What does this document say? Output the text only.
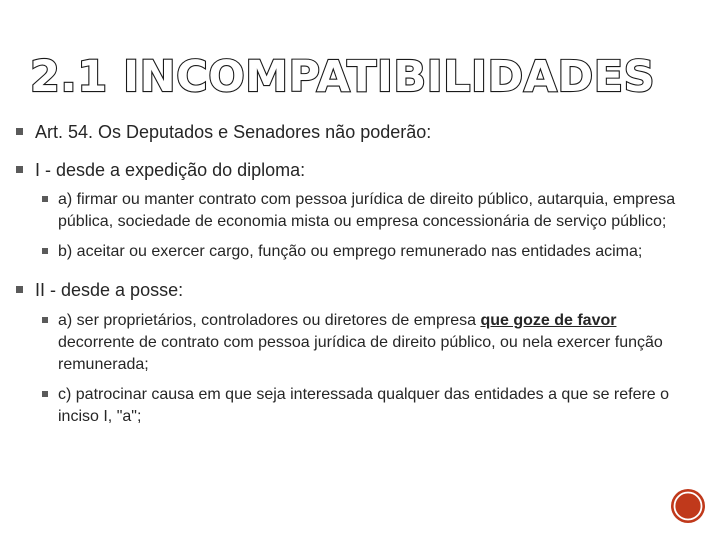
2.1 INCOMPATIBILIDADES
Art. 54. Os Deputados e Senadores não poderão:
I - desde a expedição do diploma:
a) firmar ou manter contrato com pessoa jurídica de direito público, autarquia, empresa pública, sociedade de economia mista ou empresa concessionária de serviço público;
b) aceitar ou exercer cargo, função ou emprego remunerado nas entidades acima;
II - desde a posse:
a) ser proprietários, controladores ou diretores de empresa que goze de favor decorrente de contrato com pessoa jurídica de direito público, ou nela exercer função remunerada;
c) patrocinar causa em que seja interessada qualquer das entidades a que se refere o inciso I, "a";
